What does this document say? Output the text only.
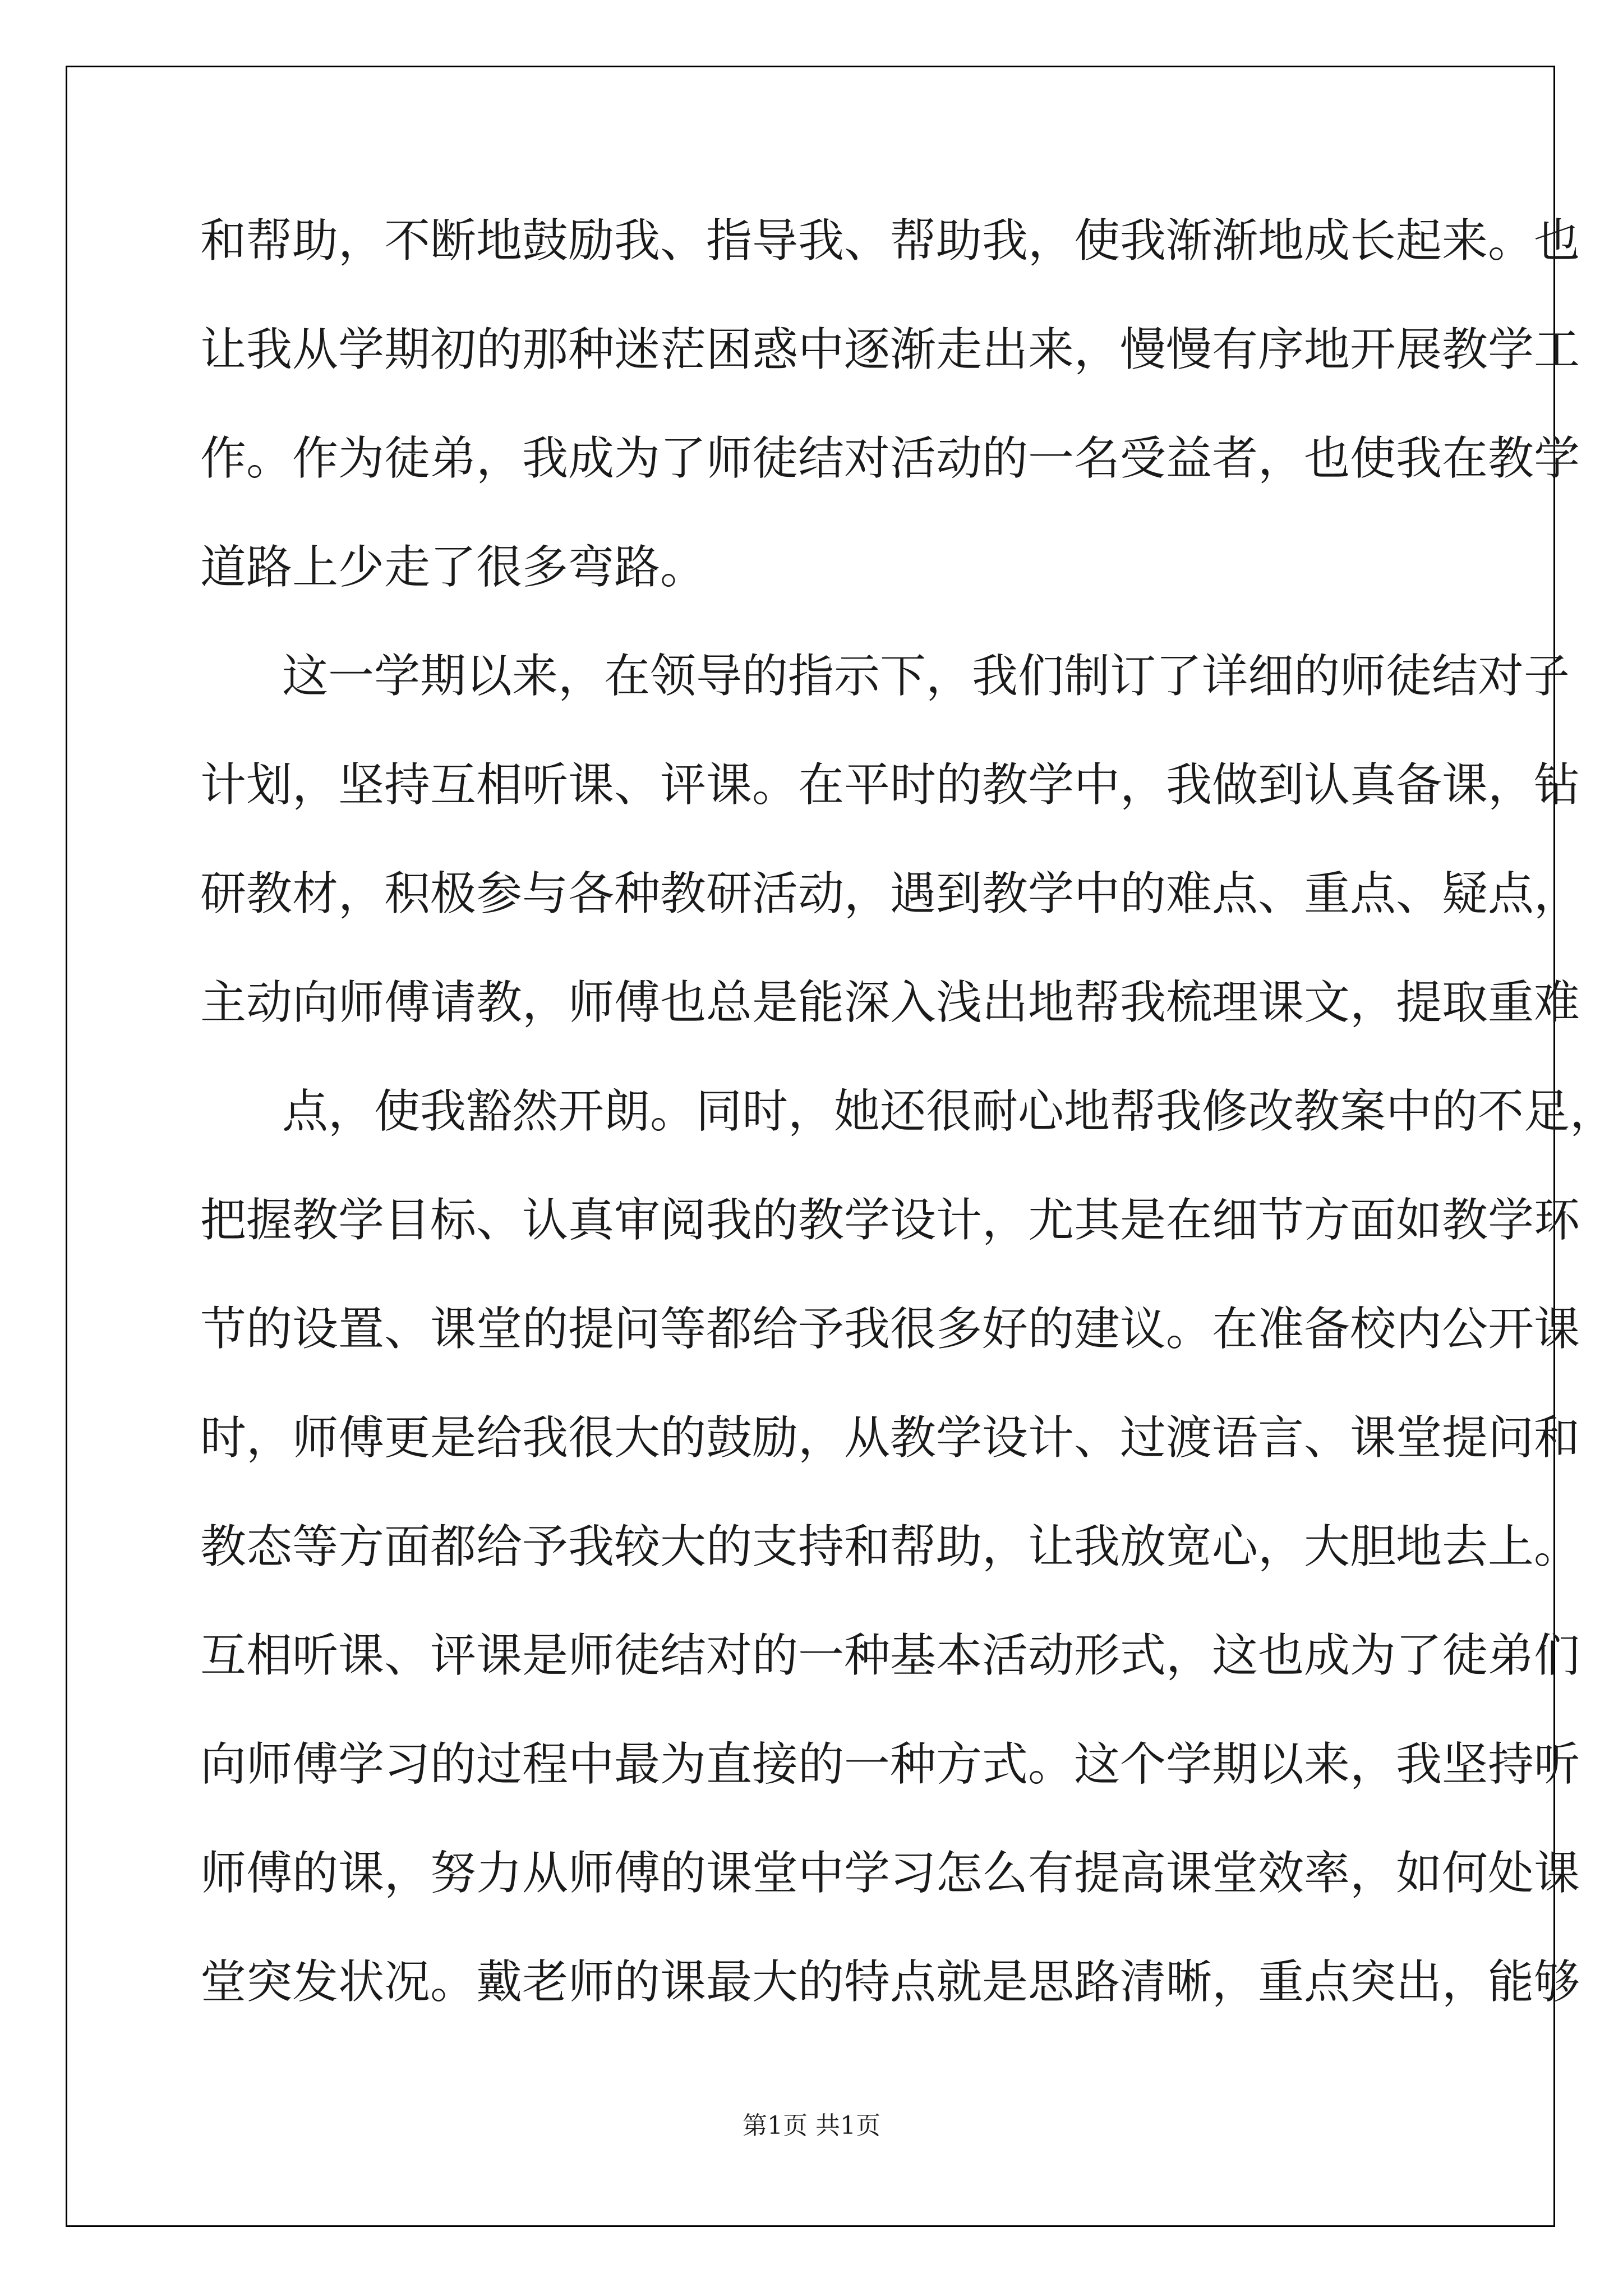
和帮助，不断地鼓励我、指导我、帮助我，使我渐渐地成长起来。也
让我从学期初的那种迷茫困惑中逐渐走出来，慢慢有序地开展教学工
作。作为徒弟，我成为了师徒结对活动的一名受益者，也使我在教学
道路上少走了很多弯路。
这一学期以来，在领导的指示下，我们制订了详细的师徒结对子
计划，坚持互相听课、评课。在平时的教学中，我做到认真备课，钻
研教材，积极参与各种教研活动，遇到教学中的难点、重点、疑点，
主动向师傅请教，师傅也总是能深入浅出地帮我梳理课文，提取重难
点，使我豁然开朗。同时，她还很耐心地帮我修改教案中的不足，
把握教学目标、认真审阅我的教学设计，尤其是在细节方面如教学环
节的设置、课堂的提问等都给予我很多好的建议。在准备校内公开课
时，师傅更是给我很大的鼓励，从教学设计、过渡语言、课堂提问和
教态等方面都给予我较大的支持和帮助，让我放宽心，大胆地去上。
互相听课、评课是师徒结对的一种基本活动形式，这也成为了徒弟们
向师傅学习的过程中最为直接的一种方式。这个学期以来，我坚持听
师傅的课，努力从师傅的课堂中学习怎么有提高课堂效率，如何处课
堂突发状况。戴老师的课最大的特点就是思路清晰，重点突出，能够
第1页 共1页
